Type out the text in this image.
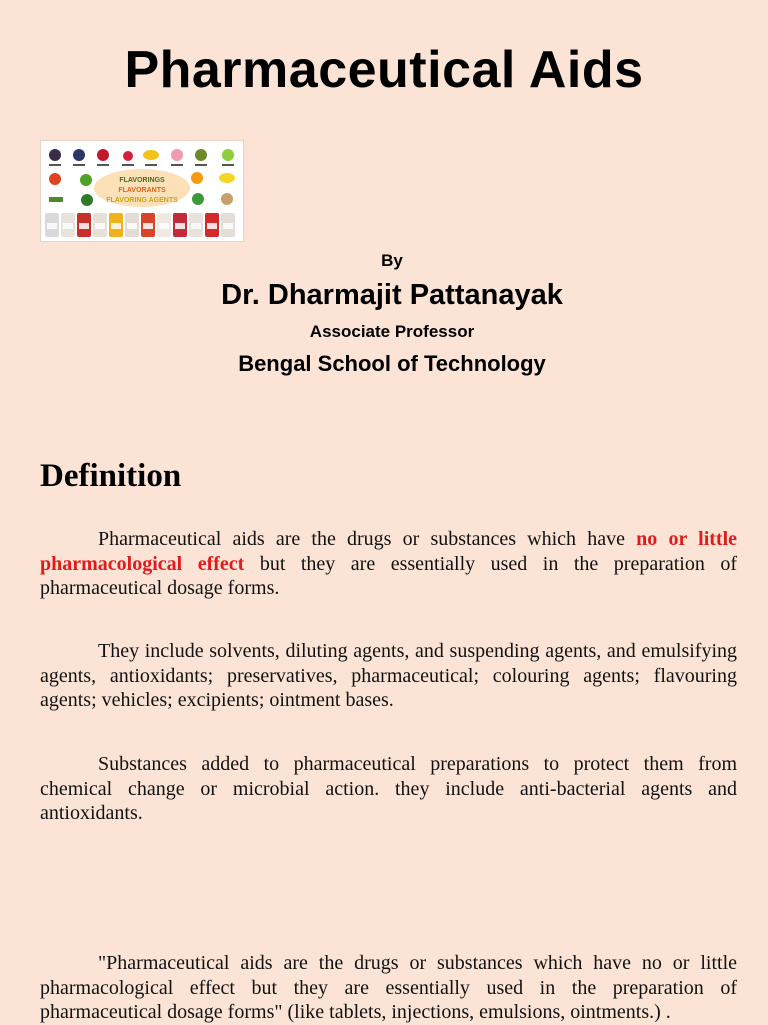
Pharmaceutical Aids
FLAVORINGS
FLAVORANTS
FLAVORING AGENTS
By
Dr. Dharmajit Pattanayak
Associate Professor
Bengal School of Technology
Definition

Pharmaceutical aids are the drugs or substances which have no or little pharmacological effect but they are essentially used in the preparation of pharmaceutical dosage forms.

They include solvents, diluting agents, and suspending agents, and emulsifying agents, antioxidants; preservatives, pharmaceutical; colouring agents; flavouring agents; vehicles; excipients; ointment bases.

Substances added to pharmaceutical preparations to protect them from chemical change or microbial action. they include anti-bacterial agents and antioxidants.

"Pharmaceutical aids are the drugs or substances which have no or little pharmacological effect but they are essentially used in the preparation of pharmaceutical dosage forms" (like tablets, injections, emulsions, ointments.) .
